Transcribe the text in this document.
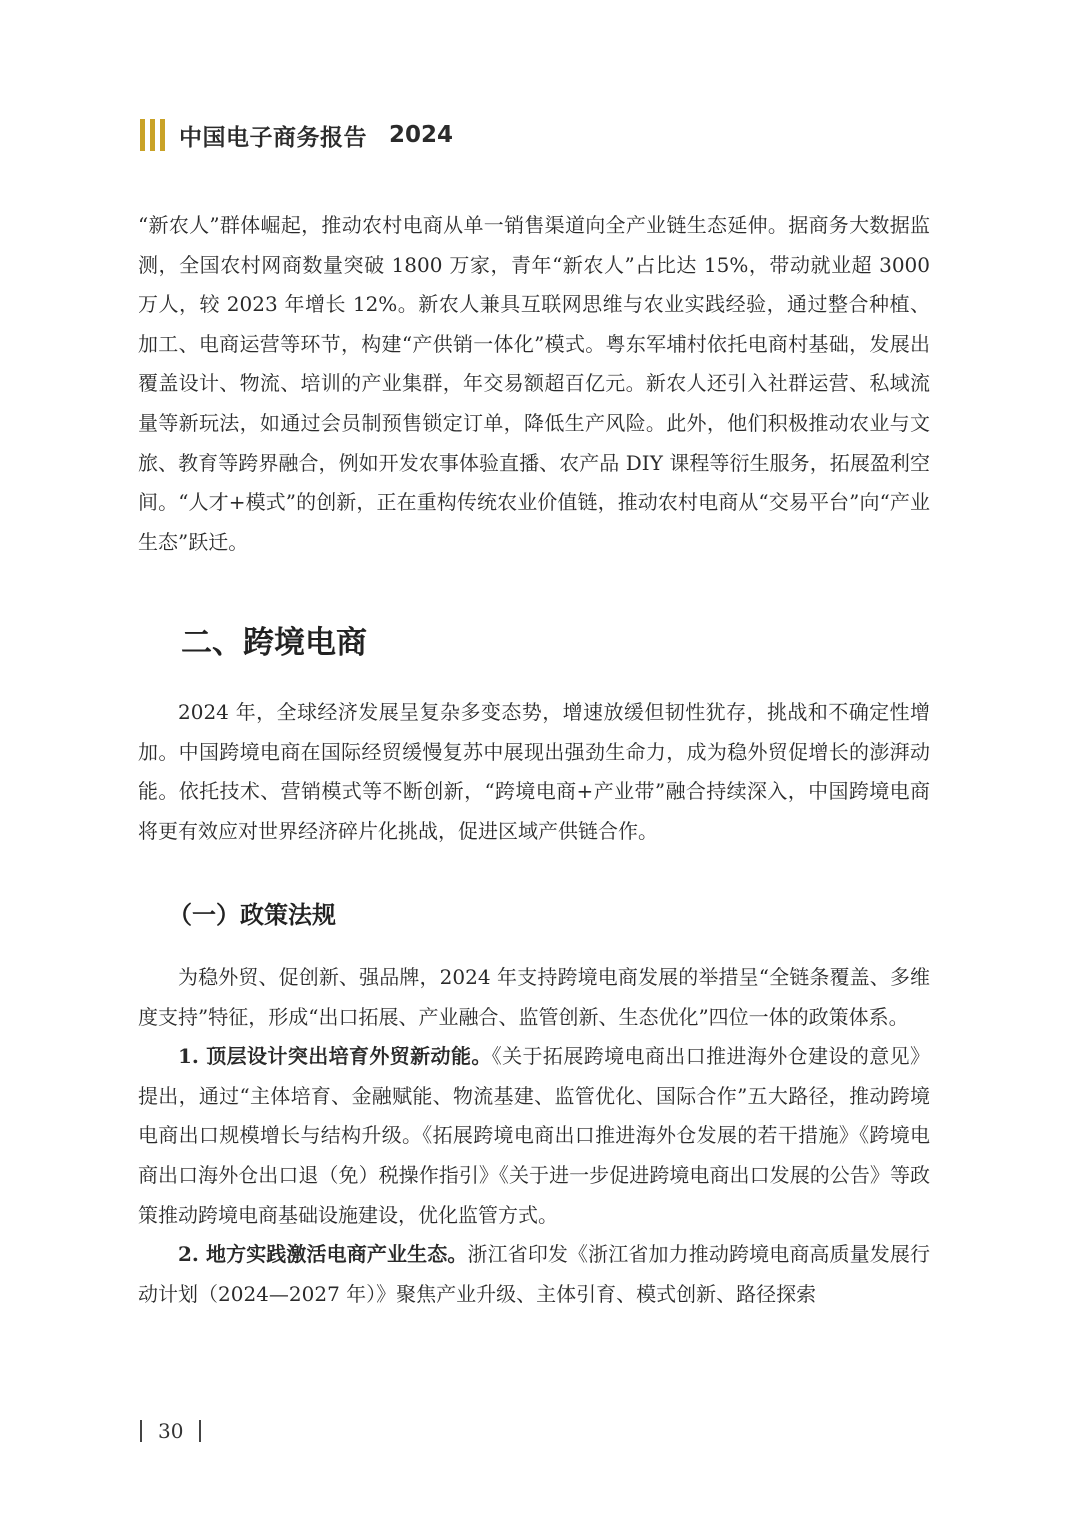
中国电子商务报告 2024

“新农人”群体崛起，推动农村电商从单一销售渠道向全产业链生态延伸。据商务大数据监测，全国农村网商数量突破 1800 万家，青年“新农人”占比达 15%，带动就业超 3000 万人，较 2023 年增长 12%。新农人兼具互联网思维与农业实践经验，通过整合种植、加工、电商运营等环节，构建“产供销一体化”模式。粤东军埔村依托电商村基础，发展出覆盖设计、物流、培训的产业集群，年交易额超百亿元。新农人还引入社群运营、私域流量等新玩法，如通过会员制预售锁定订单，降低生产风险。此外，他们积极推动农业与文旅、教育等跨界融合，例如开发农事体验直播、农产品 DIY 课程等衍生服务，拓展盈利空间。“人才+模式”的创新，正在重构传统农业价值链，推动农村电商从“交易平台”向“产业生态”跃迁。

二、跨境电商

2024 年，全球经济发展呈复杂多变态势，增速放缓但韧性犹存，挑战和不确定性增加。中国跨境电商在国际经贸缓慢复苏中展现出强劲生命力，成为稳外贸促增长的澎湃动能。依托技术、营销模式等不断创新，“跨境电商+产业带”融合持续深入，中国跨境电商将更有效应对世界经济碎片化挑战，促进区域产供链合作。

（一）政策法规

为稳外贸、促创新、强品牌，2024 年支持跨境电商发展的举措呈“全链条覆盖、多维度支持”特征，形成“出口拓展、产业融合、监管创新、生态优化”四位一体的政策体系。

1. 顶层设计突出培育外贸新动能。《关于拓展跨境电商出口推进海外仓建设的意见》提出，通过“主体培育、金融赋能、物流基建、监管优化、国际合作”五大路径，推动跨境电商出口规模增长与结构升级。《拓展跨境电商出口推进海外仓发展的若干措施》《跨境电商出口海外仓出口退（免）税操作指引》《关于进一步促进跨境电商出口发展的公告》等政策推动跨境电商基础设施建设，优化监管方式。

2. 地方实践激活电商产业生态。浙江省印发《浙江省加力推动跨境电商高质量发展行动计划（2024—2027 年）》聚焦产业升级、主体引育、模式创新、路径探索

30
